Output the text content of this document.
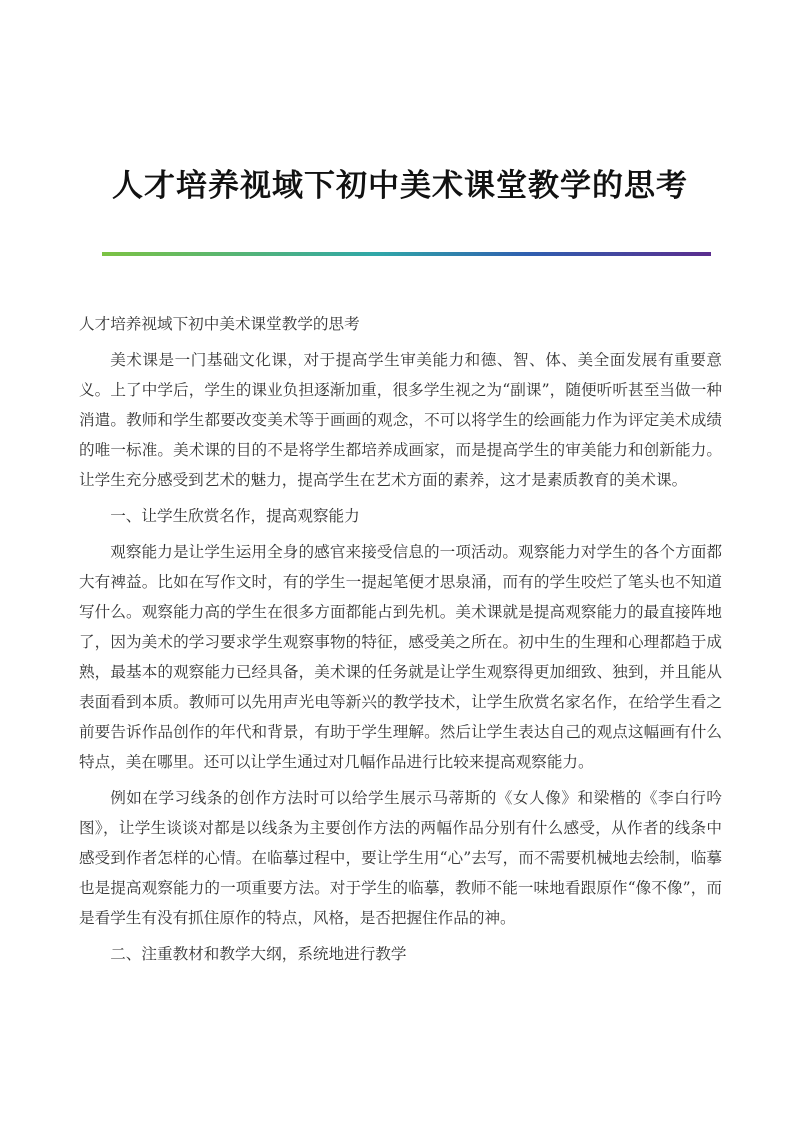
人才培养视域下初中美术课堂教学的思考

人才培养视域下初中美术课堂教学的思考

美术课是一门基础文化课，对于提高学生审美能力和德、智、体、美全面发展有重要意义。上了中学后，学生的课业负担逐渐加重，很多学生视之为“副课”，随便听听甚至当做一种消遣。教师和学生都要改变美术等于画画的观念，不可以将学生的绘画能力作为评定美术成绩的唯一标准。美术课的目的不是将学生都培养成画家，而是提高学生的审美能力和创新能力。让学生充分感受到艺术的魅力，提高学生在艺术方面的素养，这才是素质教育的美术课。

一、让学生欣赏名作，提高观察能力

观察能力是让学生运用全身的感官来接受信息的一项活动。观察能力对学生的各个方面都大有裨益。比如在写作文时，有的学生一提起笔便才思泉涌，而有的学生咬烂了笔头也不知道写什么。观察能力高的学生在很多方面都能占到先机。美术课就是提高观察能力的最直接阵地了，因为美术的学习要求学生观察事物的特征，感受美之所在。初中生的生理和心理都趋于成熟，最基本的观察能力已经具备，美术课的任务就是让学生观察得更加细致、独到，并且能从表面看到本质。教师可以先用声光电等新兴的教学技术，让学生欣赏名家名作，在给学生看之前要告诉作品创作的年代和背景，有助于学生理解。然后让学生表达自己的观点这幅画有什么特点，美在哪里。还可以让学生通过对几幅作品进行比较来提高观察能力。

例如在学习线条的创作方法时可以给学生展示马蒂斯的《女人像》和梁楷的《李白行吟图》，让学生谈谈对都是以线条为主要创作方法的两幅作品分别有什么感受，从作者的线条中感受到作者怎样的心情。在临摹过程中，要让学生用“心”去写，而不需要机械地去绘制，临摹也是提高观察能力的一项重要方法。对于学生的临摹，教师不能一味地看跟原作“像不像”，而是看学生有没有抓住原作的特点，风格，是否把握住作品的神。

二、注重教材和教学大纲，系统地进行教学
